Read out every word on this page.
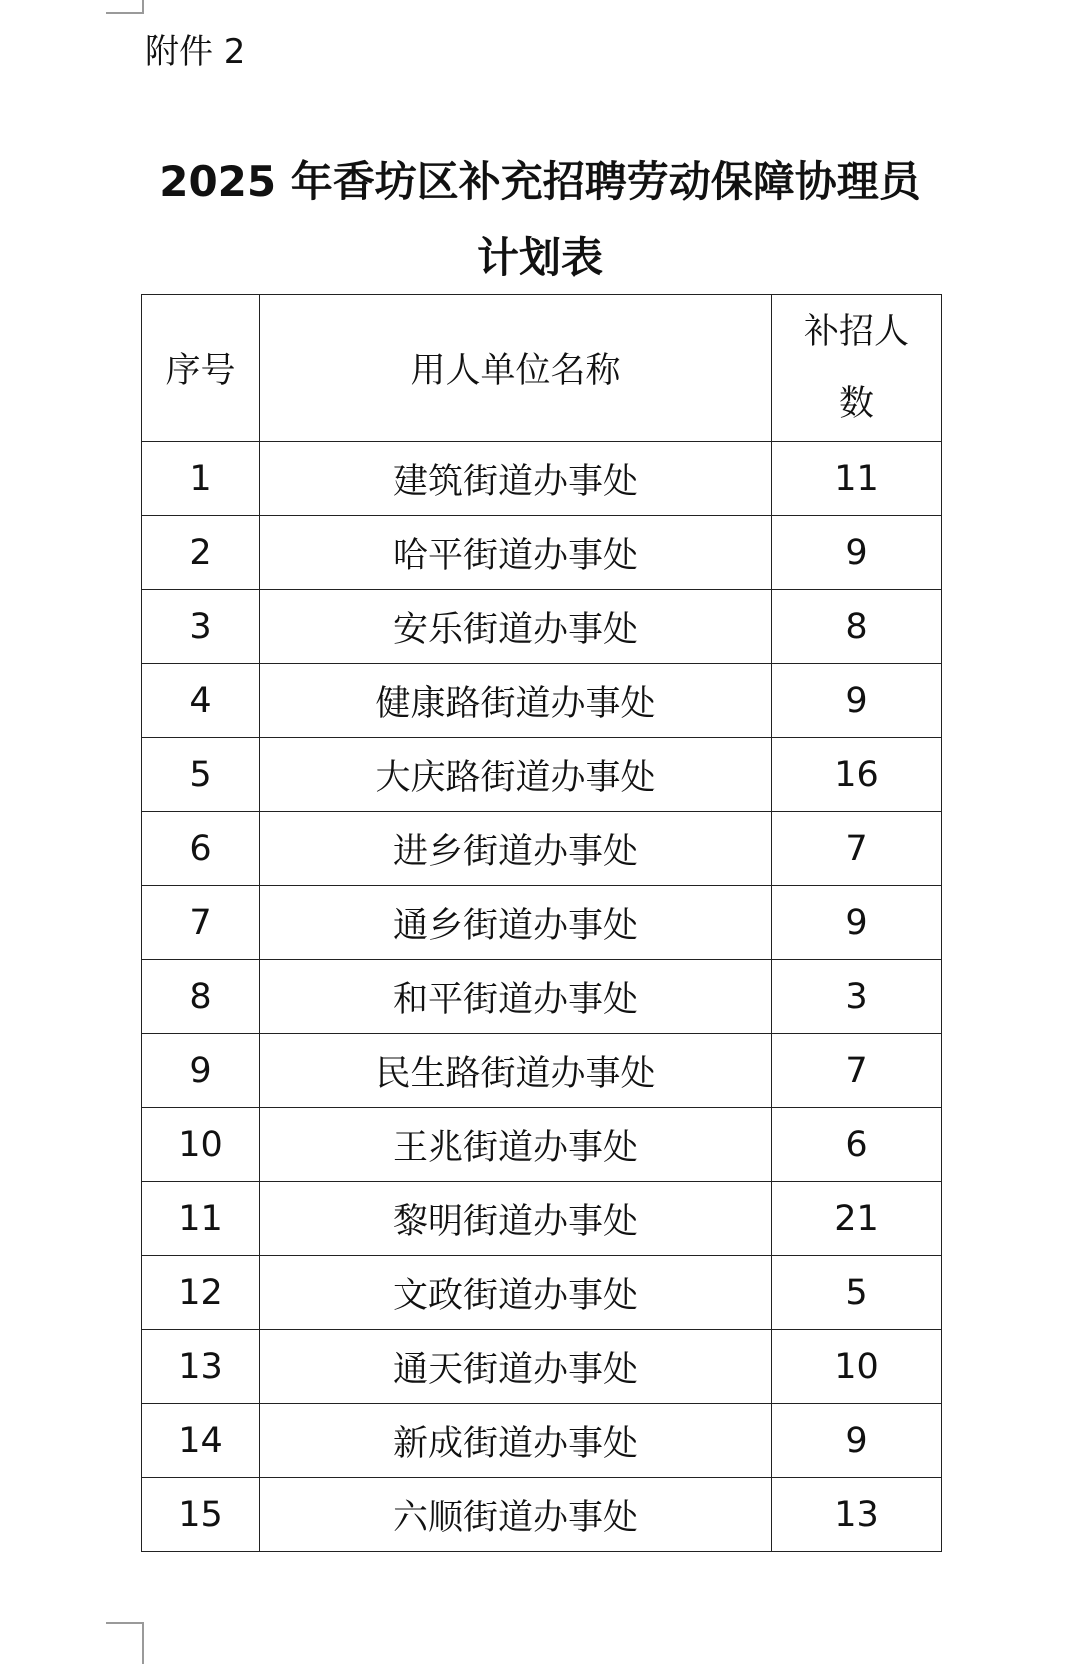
附件 2
2025 年香坊区补充招聘劳动保障协理员
计划表
序号	用人单位名称	补招人数
1	建筑街道办事处	11
2	哈平街道办事处	9
3	安乐街道办事处	8
4	健康路街道办事处	9
5	大庆路街道办事处	16
6	进乡街道办事处	7
7	通乡街道办事处	9
8	和平街道办事处	3
9	民生路街道办事处	7
10	王兆街道办事处	6
11	黎明街道办事处	21
12	文政街道办事处	5
13	通天街道办事处	10
14	新成街道办事处	9
15	六顺街道办事处	13
